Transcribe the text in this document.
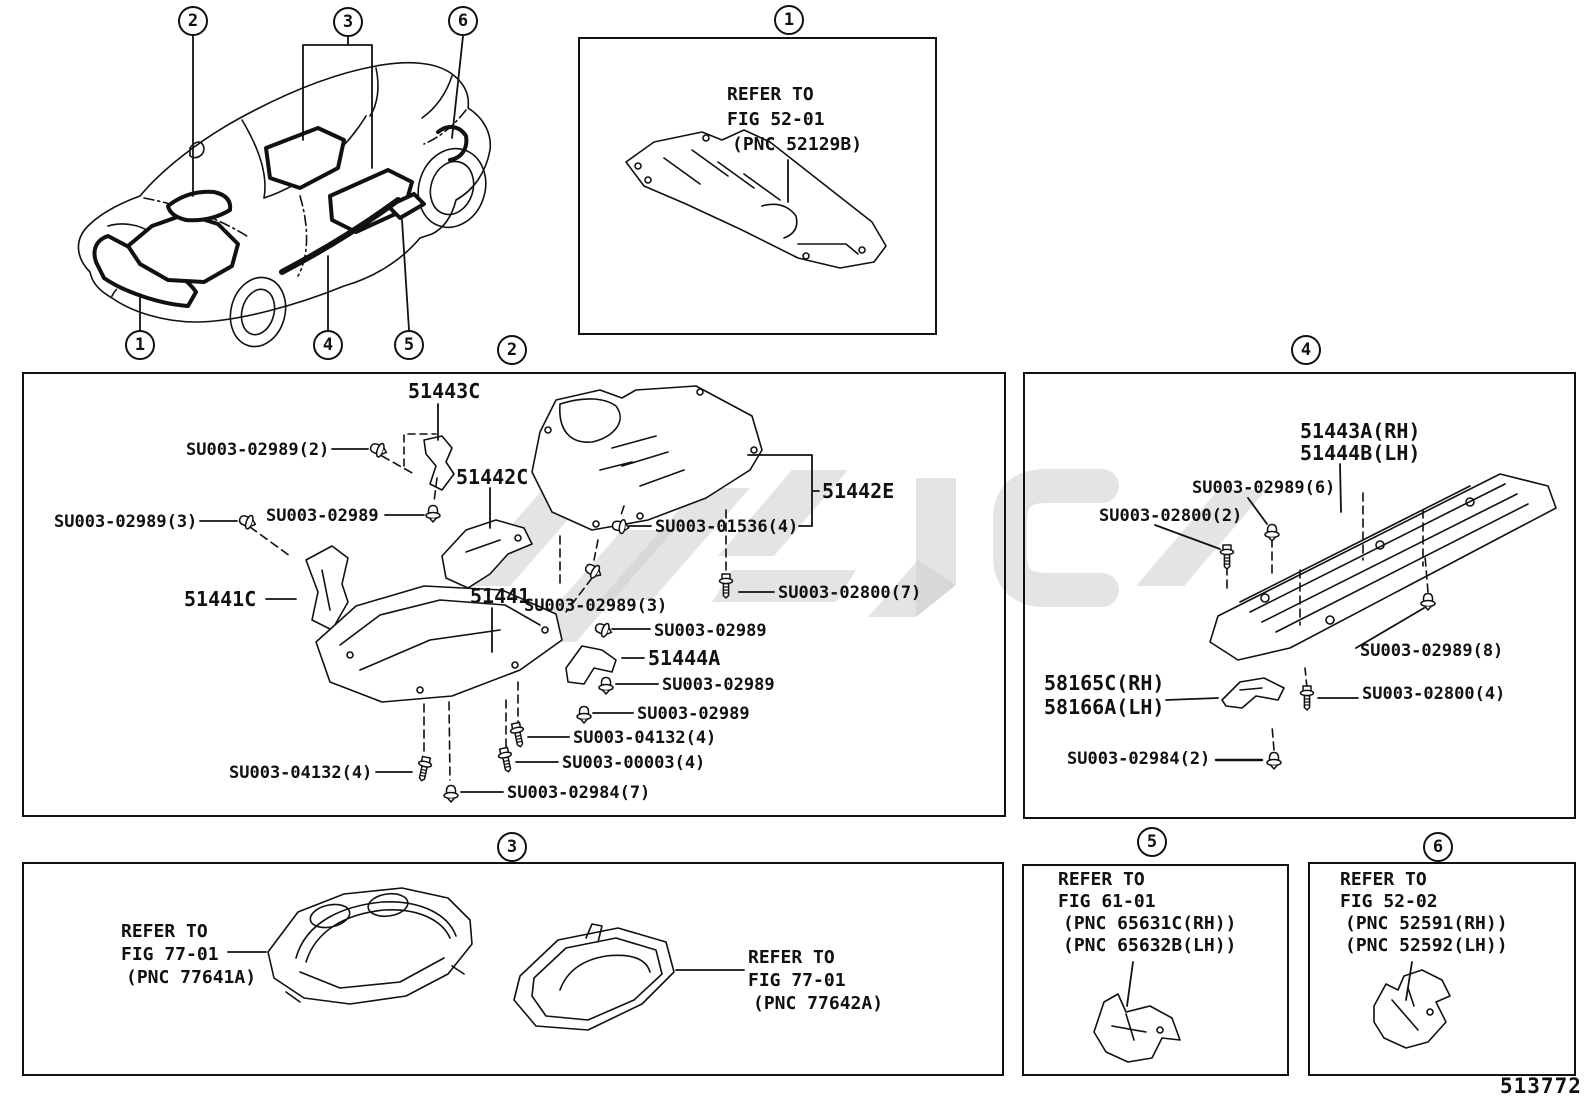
2	3	6
1	4	5
1
2	4
3	5	6
REFER TO
FIG 52-01
(PNC 52129B)
51443C
SU003-02989(2)
51442C
SU003-02989
SU003-02989(3)
51441C	51441
SU003-02989(3)
SU003-02989
51444A
SU003-02989
SU003-02989
SU003-04132(4)
SU003-00003(4)
SU003-04132(4)
SU003-02984(7)
51442E
SU003-01536(4)
SU003-02800(7)
51443A(RH)
51444B(LH)
SU003-02989(6)
SU003-02800(2)
SU003-02989(8)
SU003-02800(4)
58165C(RH)
58166A(LH)
SU003-02984(2)
REFER TO
FIG 77-01
(PNC 77641A)
REFER TO
FIG 77-01
(PNC 77642A)
REFER TO
FIG 61-01
(PNC 65631C(RH))
(PNC 65632B(LH))
REFER TO
FIG 52-02
(PNC 52591(RH))
(PNC 52592(LH))
513772
